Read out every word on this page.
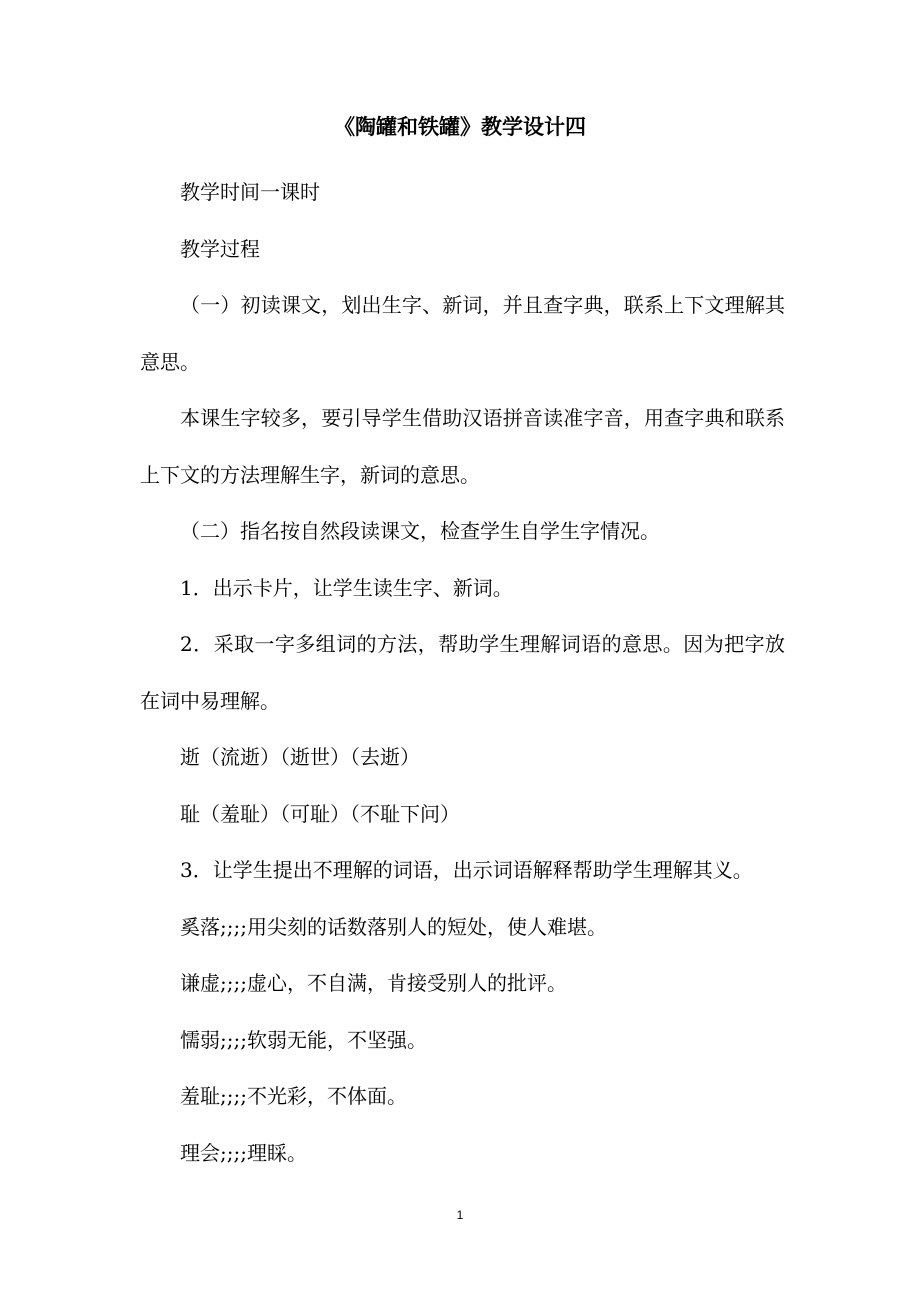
《陶罐和铁罐》教学设计四

教学时间一课时

教学过程

（一）初读课文，划出生字、新词，并且查字典，联系上下文理解其意思。

本课生字较多，要引导学生借助汉语拼音读准字音，用查字典和联系上下文的方法理解生字，新词的意思。

（二）指名按自然段读课文，检查学生自学生字情况。

1．出示卡片，让学生读生字、新词。

2．采取一字多组词的方法，帮助学生理解词语的意思。因为把字放在词中易理解。

逝（流逝）（逝世）（去逝）

耻（羞耻）（可耻）（不耻下问）

3．让学生提出不理解的词语，出示词语解释帮助学生理解其义。

奚落;;;;用尖刻的话数落别人的短处，使人难堪。

谦虚;;;;虚心，不自满，肯接受别人的批评。

懦弱;;;;软弱无能，不坚强。

羞耻;;;;不光彩，不体面。

理会;;;;理睬。

1
